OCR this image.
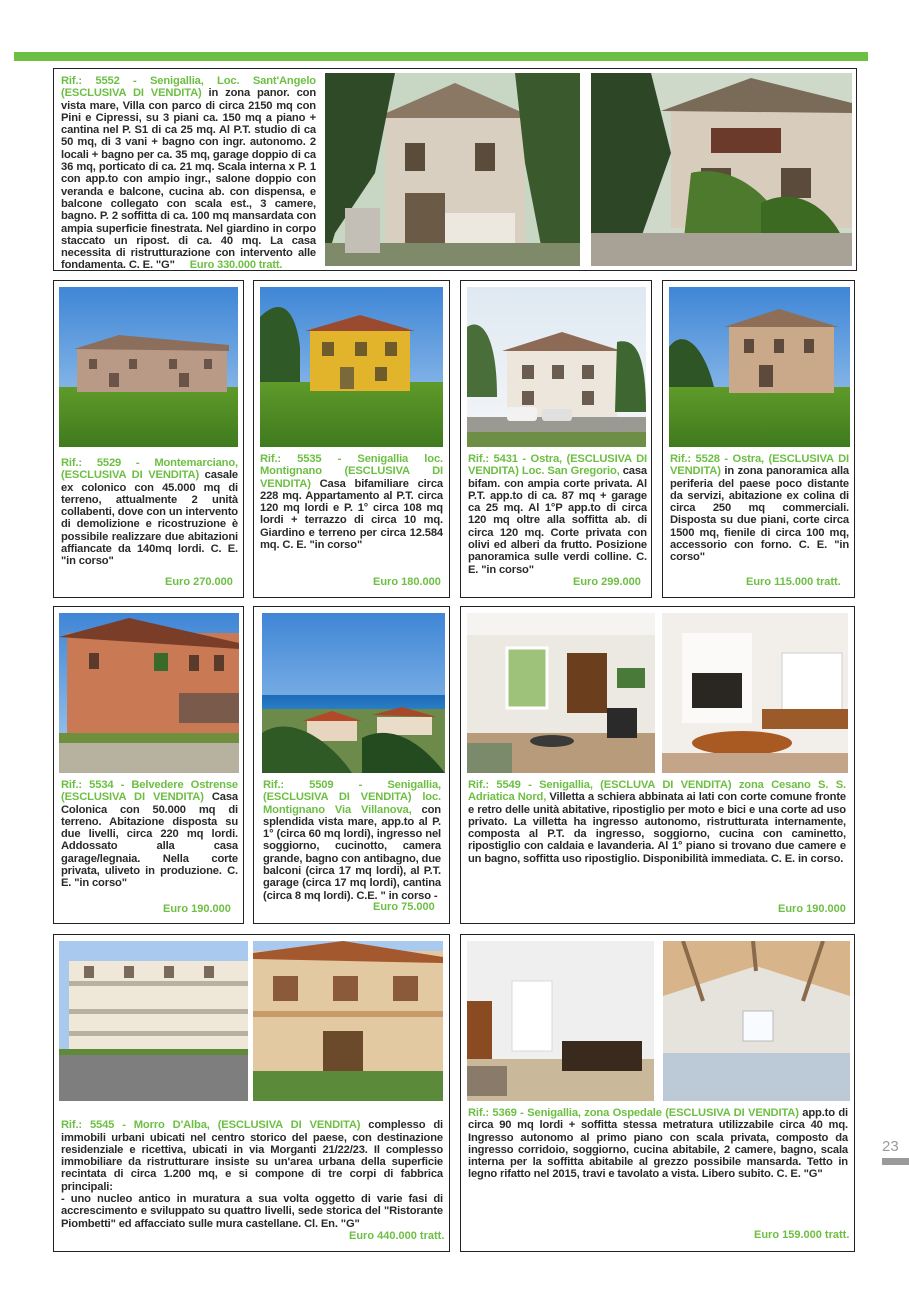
Rif.: 5552 - Senigallia, Loc. Sant'Angelo (ESCLUSIVA DI VENDITA) in zona panor. con vista mare, Villa con parco di circa 2150 mq con Pini e Cipressi, su 3 piani ca. 150 mq a piano + cantina nel P. S1 di ca 25 mq. Al P.T. studio di ca 50 mq, di 3 vani + bagno con ingr. autonomo. 2 locali + bagno per ca. 35 mq, garage doppio di ca 36 mq, porticato di ca. 21 mq. Scala interna x P. 1 con app.to con ampio ingr., salone doppio con veranda e balcone, cucina ab. con dispensa, e balcone collegato con scala est., 3 camere, bagno. P. 2 soffitta di ca. 100 mq mansardata con ampia superficie finestrata. Nel giardino in corpo staccato un ripost. di ca. 40 mq. La casa necessita di ristrutturazione con intervento alle fondamenta. C. E. "G" Euro 330.000 tratt.
Rif.: 5529 - Montemarciano, (ESCLUSIVA DI VENDITA) casale ex colonico con 45.000 mq di terreno, attualmente 2 unità collabenti, dove con un intervento di demolizione e ricostruzione è possibile realizzare due abitazioni affiancate da 140mq lordi. C. E. "in corso"
Euro 270.000
Rif.: 5535 - Senigallia loc. Montignano (ESCLUSIVA DI VENDITA) Casa bifamiliare circa 228 mq. Appartamento al P.T. circa 120 mq lordi e P. 1° circa 108 mq lordi + terrazzo di circa 10 mq. Giardino e terreno per circa 12.584 mq. C. E. "in corso"
Euro 180.000
Rif.: 5431 - Ostra, (ESCLUSIVA DI VENDITA) Loc. San Gregorio, casa bifam. con ampia corte privata. Al P.T. app.to di ca. 87 mq + garage ca 25 mq. Al 1°P app.to di circa 120 mq oltre alla soffitta ab. di circa 120 mq. Corte privata con olivi ed alberi da frutto. Posizione panoramica sulle verdi colline. C. E. "in corso"
Euro 299.000
Rif.: 5528 - Ostra, (ESCLUSIVA DI VENDITA) in zona panoramica alla periferia del paese poco distante da servizi, abitazione ex colina di circa 250 mq commerciali. Disposta su due piani, corte circa 1500 mq, fienile di circa 100 mq, accessorio con forno. C. E. "in corso"
Euro 115.000 tratt.
Rif.: 5534 - Belvedere Ostrense (ESCLUSIVA DI VENDITA) Casa Colonica con 50.000 mq di terreno. Abitazione disposta su due livelli, circa 220 mq lordi. Addossato alla casa garage/legnaia. Nella corte privata, uliveto in produzione. C. E. "in corso"
Euro 190.000
Rif.: 5509 - Senigallia, (ESCLUSIVA DI VENDITA) loc. Montignano Via Villanova, con splendida vista mare, app.to al P. 1° (circa 60 mq lordi), ingresso nel soggiorno, cucinotto, camera grande, bagno con antibagno, due balconi (circa 17 mq lordi), al P.T. garage (circa 17 mq lordi), cantina (circa 8 mq lordi). C.E. " in corso -
Euro 75.000
Rif.: 5549 - Senigallia, (ESCLUVA DI VENDITA) zona Cesano S. S. Adriatica Nord, Villetta a schiera abbinata ai lati con corte comune fronte e retro delle unità abitative, ripostiglio per moto e bici e una corte ad uso privato. La villetta ha ingresso autonomo, ristrutturata internamente, composta al P.T. da ingresso, soggiorno, cucina con caminetto, ripostiglio con caldaia e lavanderia. Al 1° piano si trovano due camere e un bagno, soffitta uso ripostiglio. Disponibilità immediata. C. E. in corso.
Euro 190.000

Rif.: 5545 - Morro D'Alba, (ESCLUSIVA DI VENDITA) complesso di immobili urbani ubicati nel centro storico del paese, con destinazione residenziale e ricettiva, ubicati in via Morganti 21/22/23. Il complesso immobiliare da ristrutturare insiste su un'area urbana della superficie recintata di circa 1.200 mq, e si compone di tre corpi di fabbrica principali:
- uno nucleo antico in muratura a sua volta oggetto di varie fasi di accrescimento e sviluppato su quattro livelli, sede storica del "Ristorante Piombetti" ed affacciato sulle mura castellane. Cl. En. "G"

Euro 440.000 tratt.
Rif.: 5369 - Senigallia, zona Ospedale (ESCLUSIVA DI VENDITA) app.to di circa 90 mq lordi + soffitta stessa metratura utilizzabile circa 40 mq. Ingresso autonomo al primo piano con scala privata, composto da ingresso corridoio, soggiorno, cucina abitabile, 2 camere, bagno, scala interna per la soffitta abitabile al grezzo possibile mansarda. Tetto in legno rifatto nel 2015, travi e tavolato a vista. Libero subito. C. E. "G"
Euro 159.000 tratt.
23
